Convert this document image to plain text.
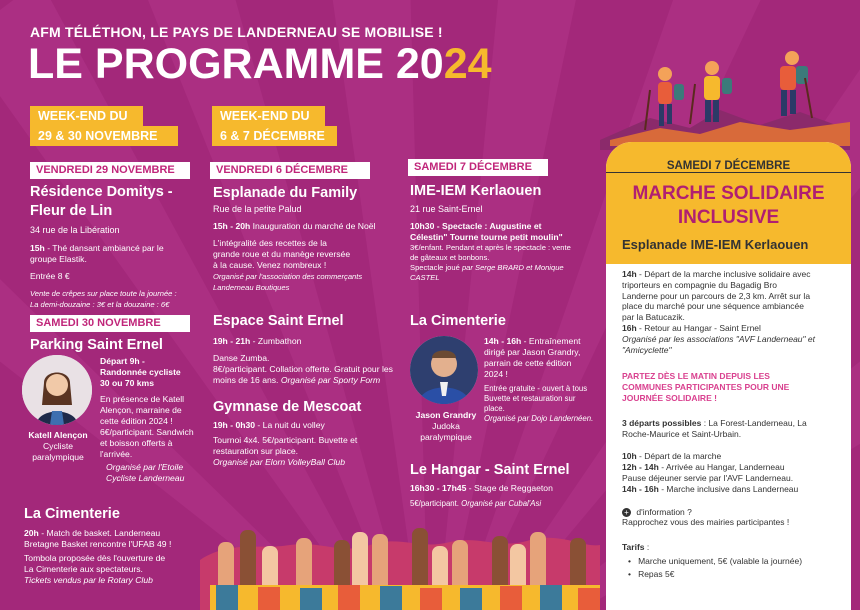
AFM TÉLÉTHON, LE PAYS DE LANDERNEAU SE MOBILISE !
LE PROGRAMME 2024
WEEK-END DU
29 & 30 NOVEMBRE
WEEK-END DU
6 & 7 DÉCEMBRE
VENDREDI 29 NOVEMBRE
Résidence Domitys -
Fleur de Lin
34 rue de la Libération
15h - Thé dansant ambiancé par le
groupe Elastik.
Entrée 8 €
Vente de crêpes sur place toute la journée :
La demi-douzaine : 3€ et la douzaine : 6€
SAMEDI 30 NOVEMBRE
Parking Saint Ernel
Katell Alençon
Cycliste
paralympique
Départ 9h -
Randonnée cycliste
30 ou 70 kms
En présence de Katell
Alençon, marraine de
cette édition 2024 !
6€/participant. Sandwich
et boisson offerts à
l'arrivée.
Organisé par l'Etoile
Cycliste Landerneau
La Cimenterie
20h - Match de basket. Landerneau
Bretagne Basket rencontre l'UFAB 49 !
Tombola proposée dès l'ouverture de
La Cimenterie aux spectateurs.
Tickets vendus par le Rotary Club
VENDREDI 6 DÉCEMBRE
Esplanade du Family
Rue de la petite Palud
15h - 20h Inauguration du marché de Noël
L'intégralité des recettes de la
grande roue et du manège reversée
à la cause. Venez nombreux !
Organisé par l'association des commerçants
Landerneau Boutiques
Espace Saint Ernel
19h - 21h - Zumbathon
Danse Zumba.
8€/participant. Collation offerte. Gratuit pour les
moins de 16 ans. Organisé par Sporty Form
Gymnase de Mescoat
19h - 0h30 - La nuit du volley
Tournoi 4x4. 5€/participant. Buvette et
restauration sur place.
Organisé par Elorn VolleyBall Club
SAMEDI 7 DÉCEMBRE
IME-IEM Kerlaouen
21 rue Saint-Ernel
10h30 - Spectacle : Augustine et
Célestin" Tourne tourne petit moulin"
3€/enfant. Pendant et après le spectacle : vente
de gâteaux et bonbons.
Spectacle joué par Serge BRARD et Monique
CASTEL
La Cimenterie
Jason Grandry
Judoka
paralympique
14h - 16h - Entraînement
dirigé par Jason Grandry,
parrain de cette édition
2024 !
Entrée gratuite - ouvert à tous
Buvette et restauration sur
place.
Organisé par Dojo Landernéen.
Le Hangar - Saint Ernel
16h30 - 17h45 - Stage de Reggaeton
5€/participant. Organisé par Cubal'Asi
SAMEDI 7 DÉCEMBRE
MARCHE SOLIDAIRE
INCLUSIVE
Esplanade IME-IEM Kerlaouen
14h - Départ de la marche inclusive solidaire avec
triporteurs en compagnie du Bagadig Bro
Landerne pour un parcours de 2,3 km. Arrêt sur la
place du marché pour une séquence ambiancée
par la Batucazik.
16h - Retour au Hangar - Saint Ernel
Organisé par les associations "AVF Landerneau" et
"Amicyclette"
PARTEZ DÈS LE MATIN DEPUIS LES
COMMUNES PARTICIPANTES POUR UNE
JOURNÉE SOLIDAIRE !
3 départs possibles : La Forest-Landerneau, La
Roche-Maurice et Saint-Urbain.
10h - Départ de la marche
12h - 14h - Arrivée au Hangar, Landerneau
Pause déjeuner servie par l'AVF Landerneau.
14h - 16h - Marche inclusive dans Landerneau
+ d'information ?
Rapprochez vous des mairies participantes !
Tarifs :
•   Marche uniquement, 5€ (valable la journée)
•   Repas 5€
